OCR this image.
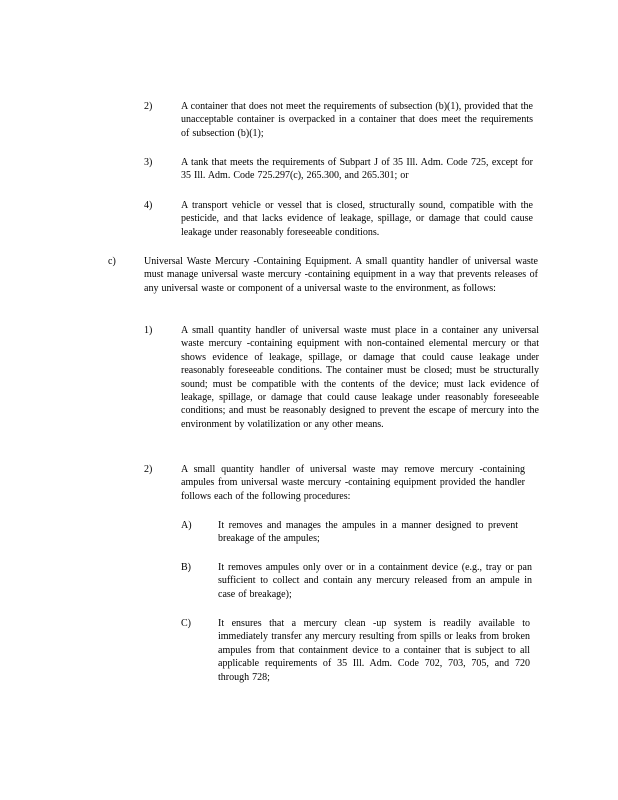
2)	A container that does not meet the requirements of subsection (b)(1), provided that the unacceptable container is overpacked in a container that does meet the requirements of subsection (b)(1);
3)	A tank that meets the requirements of Subpart J of 35 Ill. Adm. Code 725, except for 35 Ill. Adm. Code 725.297(c), 265.300, and 265.301; or
4)	A transport vehicle or vessel that is closed, structurally sound, compatible with the pesticide, and that lacks evidence of leakage, spillage, or damage that could cause leakage under reasonably foreseeable conditions.
c)	Universal Waste Mercury -Containing Equipment. A small quantity handler of universal waste must manage universal waste mercury -containing equipment in a way that prevents releases of any universal waste or component of a universal waste to the environment, as follows:
1)	A small quantity handler of universal waste must place in a container any universal waste mercury -containing equipment with non-contained elemental mercury or that shows evidence of leakage, spillage, or damage that could cause leakage under reasonably foreseeable conditions. The container must be closed; must be structurally sound; must be compatible with the contents of the device; must lack evidence of leakage, spillage, or damage that could cause leakage under reasonably foreseeable conditions; and must be reasonably designed to prevent the escape of mercury into the environment by volatilization or any other means.
2)	A small quantity handler of universal waste may remove mercury -containing ampules from universal waste mercury -containing equipment provided the handler follows each of the following procedures:
A)	It removes and manages the ampules in a manner designed to prevent breakage of the ampules;
B)	It removes ampules only over or in a containment device (e.g., tray or pan sufficient to collect and contain any mercury released from an ampule in case of breakage);
C)	It ensures that a mercury clean -up system is readily available to immediately transfer any mercury resulting from spills or leaks from broken ampules from that containment device to a container that is subject to all applicable requirements of 35 Ill. Adm. Code 702, 703, 705, and 720 through 728;
